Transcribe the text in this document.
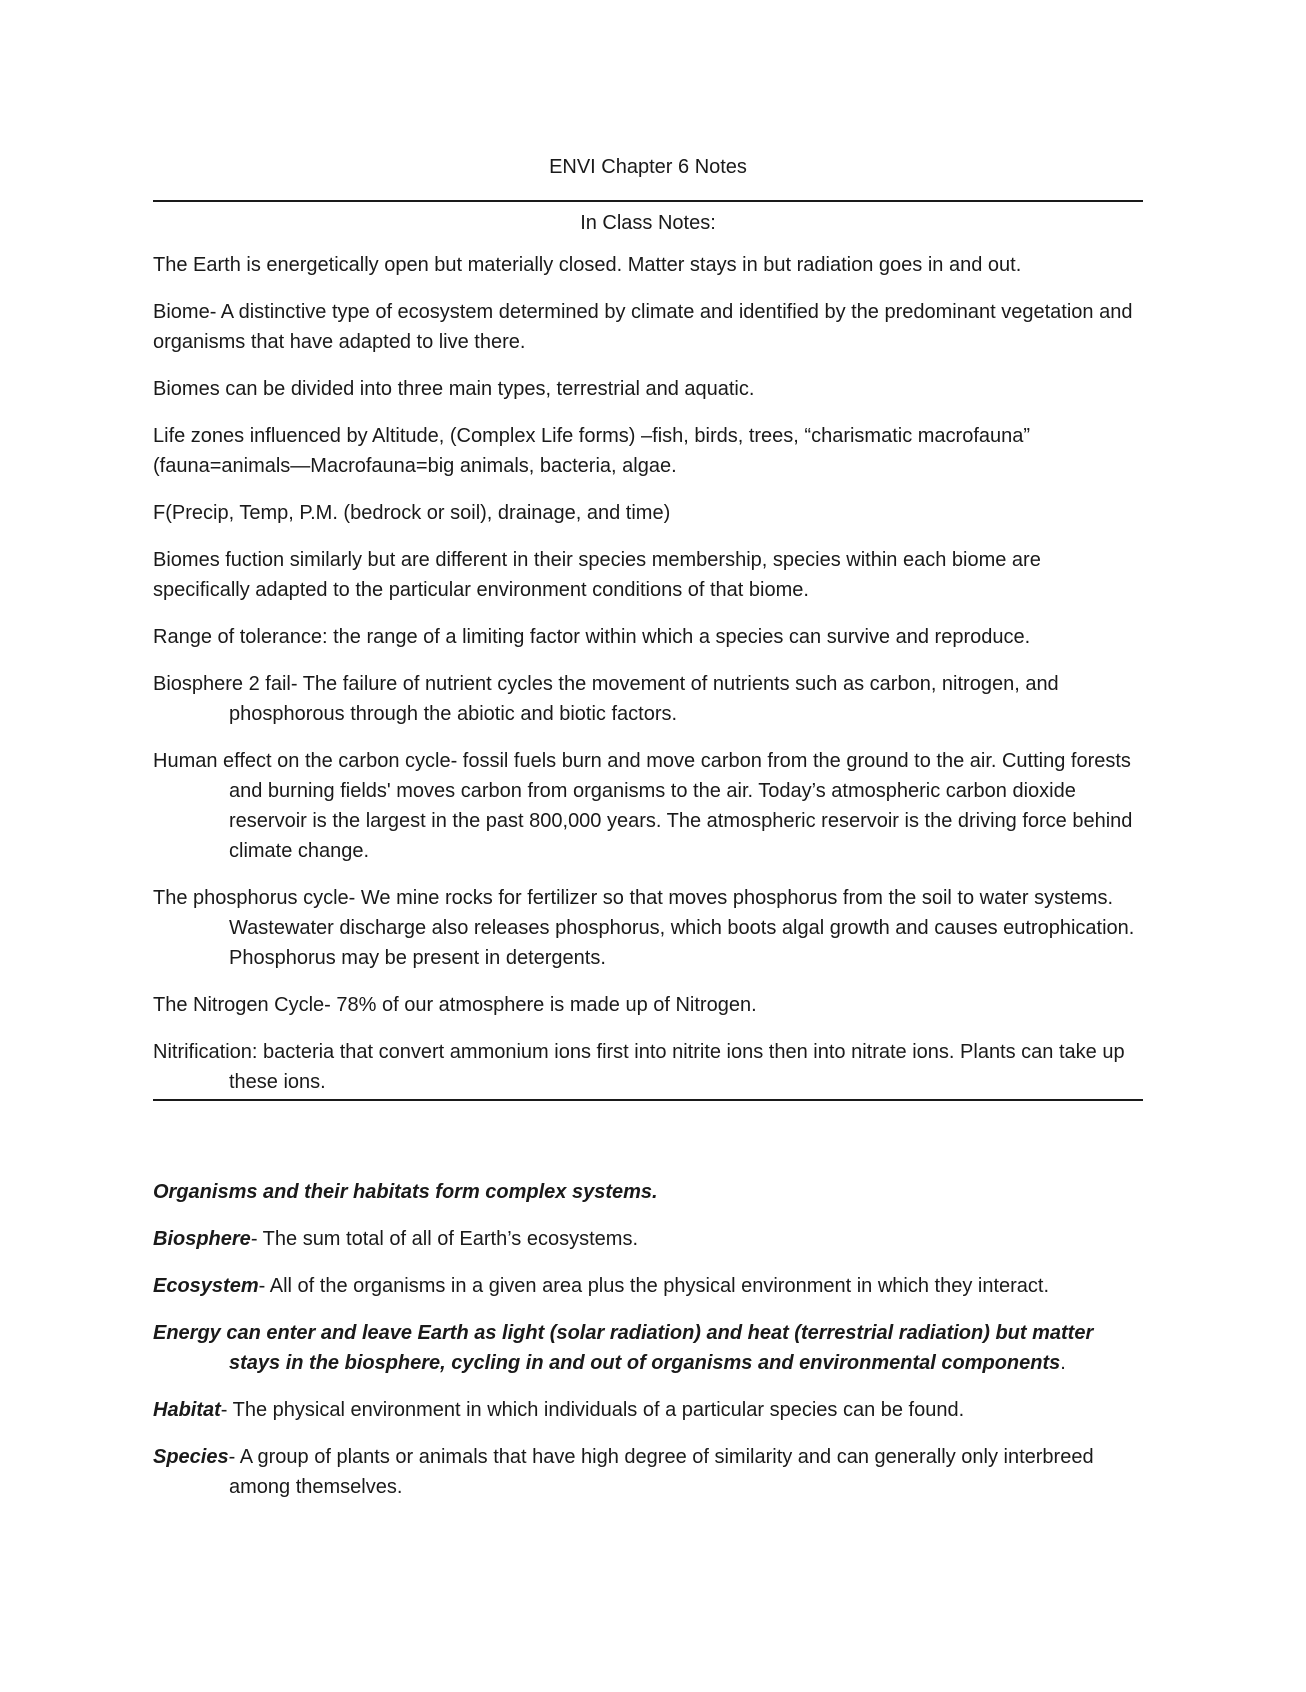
ENVI Chapter 6 Notes
In Class Notes:
The Earth is energetically open but materially closed. Matter stays in but radiation goes in and out.
Biome- A distinctive type of ecosystem determined by climate and identified by the predominant vegetation and organisms that have adapted to live there.
Biomes can be divided into three main types, terrestrial and aquatic.
Life zones influenced by Altitude, (Complex Life forms) –fish, birds, trees, “charismatic macrofauna” (fauna=animals—Macrofauna=big animals, bacteria, algae.
F(Precip, Temp, P.M. (bedrock or soil), drainage, and time)
Biomes fuction similarly but are different in their species membership, species within each biome are specifically adapted to the particular environment conditions of that biome.
Range of tolerance: the range of a limiting factor within which a species can survive and reproduce.
Biosphere 2 fail- The failure of nutrient cycles the movement of nutrients such as carbon, nitrogen, and phosphorous through the abiotic and biotic factors.
Human effect on the carbon cycle- fossil fuels burn and move carbon from the ground to the air. Cutting forests and burning fields' moves carbon from organisms to the air. Today’s atmospheric carbon dioxide reservoir is the largest in the past 800,000 years. The atmospheric reservoir is the driving force behind climate change.
The phosphorus cycle- We mine rocks for fertilizer so that moves phosphorus from the soil to water systems. Wastewater discharge also releases phosphorus, which boots algal growth and causes eutrophication. Phosphorus may be present in detergents.
The Nitrogen Cycle- 78% of our atmosphere is made up of Nitrogen.
Nitrification: bacteria that convert ammonium ions first into nitrite ions then into nitrate ions. Plants can take up these ions.
Organisms and their habitats form complex systems.
Biosphere- The sum total of all of Earth’s ecosystems.
Ecosystem- All of the organisms in a given area plus the physical environment in which they interact.
Energy can enter and leave Earth as light (solar radiation) and heat (terrestrial radiation) but matter stays in the biosphere, cycling in and out of organisms and environmental components.
Habitat- The physical environment in which individuals of a particular species can be found.
Species- A group of plants or animals that have high degree of similarity and can generally only interbreed among themselves.
